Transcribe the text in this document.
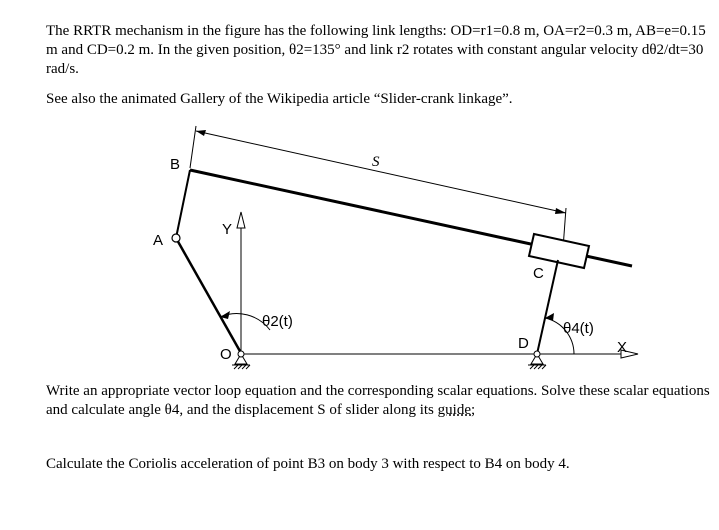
The RRTR mechanism in the figure has the following link lengths: OD=r1=0.8 m, OA=r2=0.3 m, AB=e=0.15 m and CD=0.2 m. In the given position, θ2=135° and link r2 rotates with constant angular velocity dθ2/dt=30 rad/s.

See also the animated Gallery of the Wikipedia article “Slider-crank linkage”.

B	S
Y
A
C
θ2(t)	θ4(t)
O
D	X

Write an appropriate vector loop equation and the corresponding scalar equations. Solve these scalar equations and calculate angle θ4, and the displacement S of slider along its guide;

Calculate the Coriolis acceleration of point B3 on body 3 with respect to B4 on body 4.
